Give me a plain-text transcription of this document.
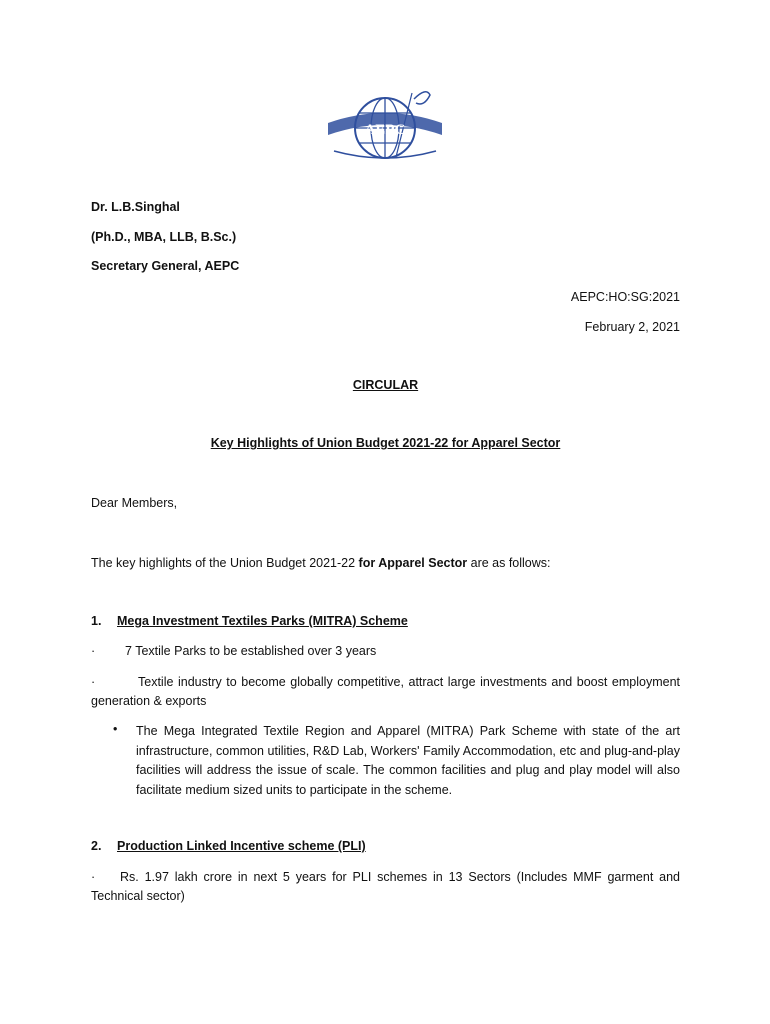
AEPC
Dr. L.B.Singhal
(Ph.D., MBA, LLB, B.Sc.)
Secretary General, AEPC
AEPC:HO:SG:2021
February 2, 2021
CIRCULAR
Key Highlights of Union Budget 2021-22 for Apparel Sector
Dear Members,
The key highlights of the Union Budget 2021-22 for Apparel Sector are as follows:
1. Mega Investment Textiles Parks (MITRA) Scheme
· 7 Textile Parks to be established over 3 years
·	Textile industry to become globally competitive, attract large investments and boost employment generation & exports
• The Mega Integrated Textile Region and Apparel (MITRA) Park Scheme with state of the art infrastructure, common utilities, R&D Lab, Workers' Family Accommodation, etc and plug-and-play facilities will address the issue of scale. The common facilities and plug and play model will also facilitate medium sized units to participate in the scheme.
2. Production Linked Incentive scheme (PLI)
· Rs. 1.97 lakh crore in next 5 years for PLI schemes in 13 Sectors (Includes MMF garment and Technical sector)
